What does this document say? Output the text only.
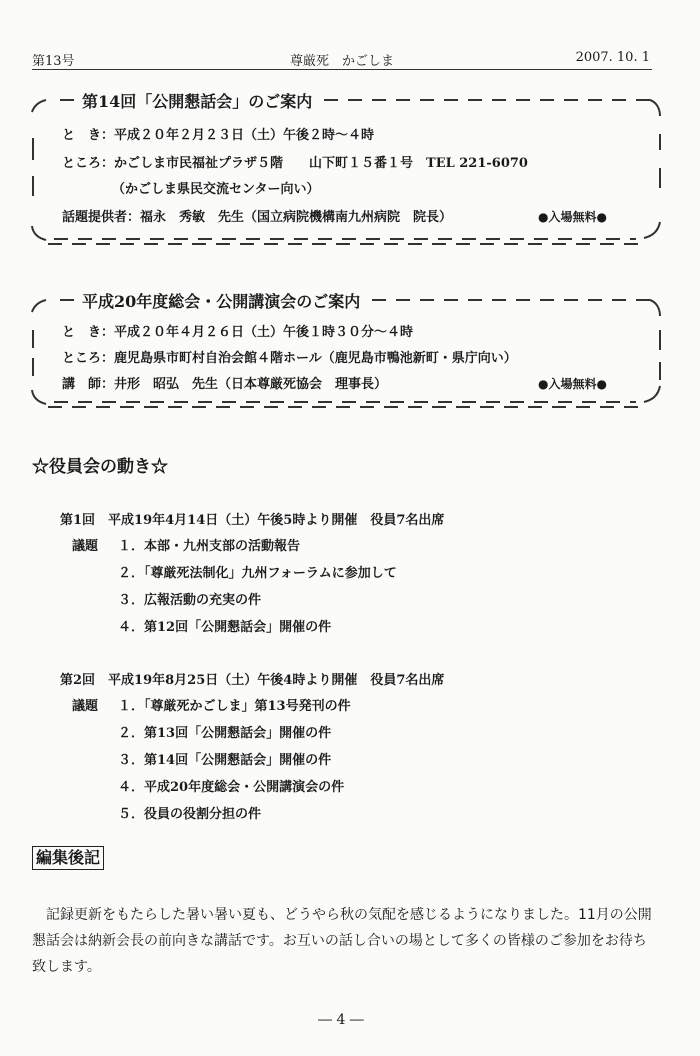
第13号	尊厳死　かごしま	2007. 10. 1
第14回「公開懇話会」のご案内
と　き：平成２０年２月２３日（土）午後２時～４時
ところ：かごしま市民福祉プラザ５階　　山下町１５番１号　TEL 221-6070
（かごしま県民交流センター向い）
話題提供者：福永　秀敏　先生（国立病院機構南九州病院　院長）	●入場無料●
平成20年度総会・公開講演会のご案内
と　き：平成２０年４月２６日（土）午後１時３０分～４時
ところ：鹿児島県市町村自治会館４階ホール（鹿児島市鴨池新町・県庁向い）
講　師：井形　昭弘　先生（日本尊厳死協会　理事長）	●入場無料●
☆役員会の動き☆
第1回　平成19年4月14日（土）午後5時より開催　役員7名出席
議題 １．本部・九州支部の活動報告
２．「尊厳死法制化」九州フォーラムに参加して
３．広報活動の充実の件
４．第12回「公開懇話会」開催の件
第2回　平成19年8月25日（土）午後4時より開催　役員7名出席
議題 １．「尊厳死かごしま」第13号発刊の件
２．第13回「公開懇話会」開催の件
３．第14回「公開懇話会」開催の件
４．平成20年度総会・公開講演会の件
５．役員の役割分担の件
編集後記
記録更新をもたらした暑い暑い夏も、どうやら秋の気配を感じるようになりました。11月の公開懇話会は納新会長の前向きな講話です。お互いの話し合いの場として多くの皆様のご参加をお待ち致します。
― 4 ―
